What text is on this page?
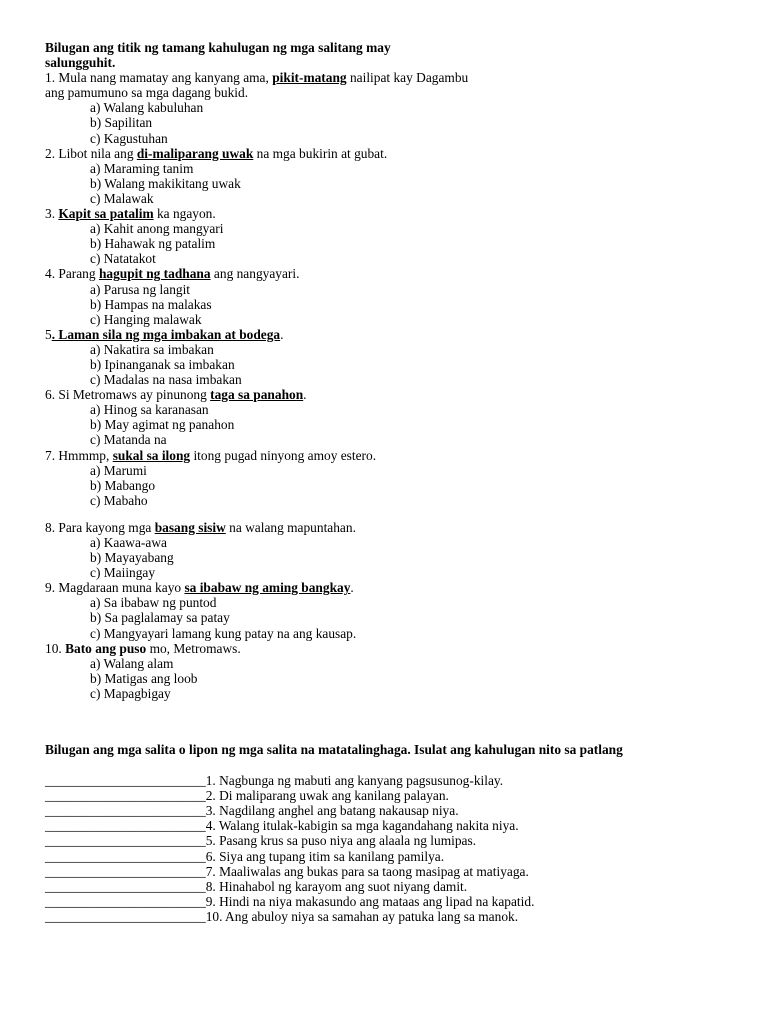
Bilugan ang titik ng tamang kahulugan ng mga salitang may
salungguhit.
1. Mula nang mamatay ang kanyang ama, pikit-matang nailipat kay Dagambu
ang pamumuno sa mga dagang bukid.
a) Walang kabuluhan
b) Sapilitan
c) Kagustuhan
2. Libot nila ang di-maliparang uwak na mga bukirin at gubat.
a) Maraming tanim
b) Walang makikitang uwak
c) Malawak
3. Kapit sa patalim ka ngayon.
a) Kahit anong mangyari
b) Hahawak ng patalim
c) Natatakot
4. Parang hagupit ng tadhana ang nangyayari.
a) Parusa ng langit
b) Hampas na malakas
c) Hanging malawak
5. Laman sila ng mga imbakan at bodega.
a) Nakatira sa imbakan
b) Ipinanganak sa imbakan
c) Madalas na nasa imbakan
6. Si Metromaws ay pinunong taga sa panahon.
a) Hinog sa karanasan
b) May agimat ng panahon
c) Matanda na
7. Hmmmp, sukal sa ilong itong pugad ninyong amoy estero.
a) Marumi
b) Mabango
c) Mabaho
8. Para kayong mga basang sisiw na walang mapuntahan.
a) Kaawa-awa
b) Mayayabang
c) Maiingay
9. Magdaraan muna kayo sa ibabaw ng aming bangkay.
a) Sa ibabaw ng puntod
b) Sa paglalamay sa patay
c) Mangyayari lamang kung patay na ang kausap.
10. Bato ang puso mo, Metromaws.
a) Walang alam
b) Matigas ang loob
c) Mapagbigay
Bilugan ang mga salita o lipon ng mga salita na matatalinghaga. Isulat ang kahulugan nito sa patlang
________________________1. Nagbunga ng mabuti ang kanyang pagsusunog-kilay.
________________________2. Di maliparang uwak ang kanilang palayan.
________________________3. Nagdilang anghel ang batang nakausap niya.
________________________4. Walang itulak-kabigin sa mga kagandahang nakita niya.
________________________5. Pasang krus sa puso niya ang alaala ng lumipas.
________________________6. Siya ang tupang itim sa kanilang pamilya.
________________________7. Maaliwalas ang bukas para sa taong masipag at matiyaga.
________________________8. Hinahabol ng karayom ang suot niyang damit.
________________________9. Hindi na niya makasundo ang mataas ang lipad na kapatid.
________________________10. Ang abuloy niya sa samahan ay patuka lang sa manok.
